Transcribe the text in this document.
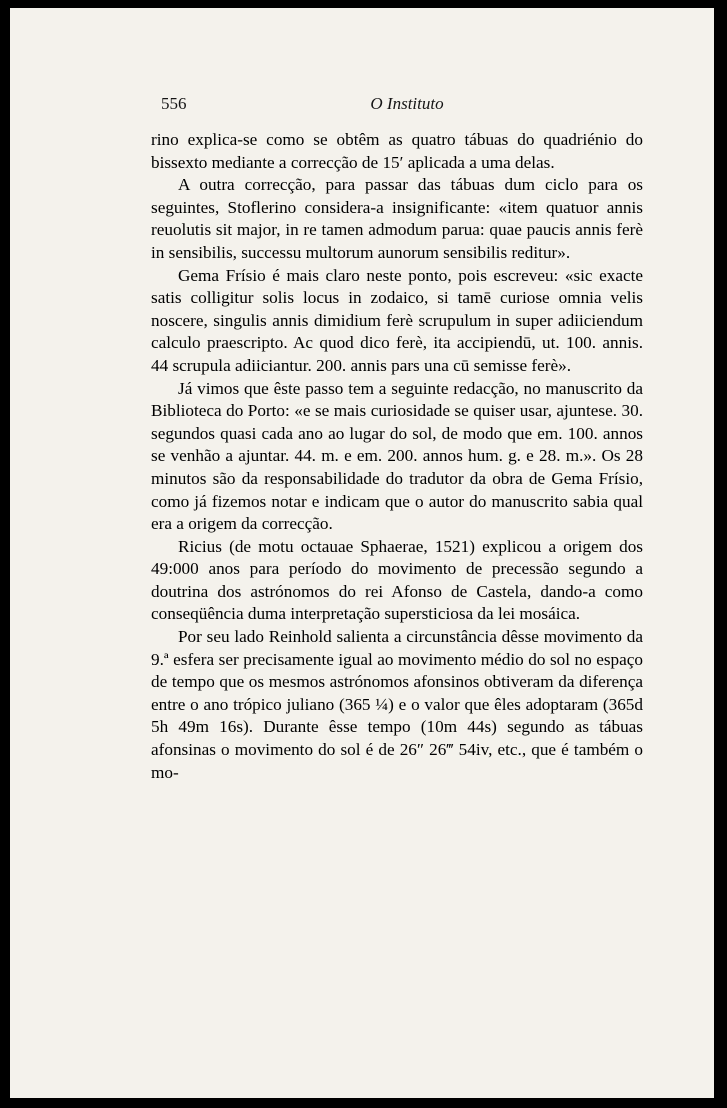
556	O Instituto

rino explica-se como se obtêm as quatro tábuas do quadriénio do bissexto mediante a correcção de 15′ aplicada a uma delas.

A outra correcção, para passar das tábuas dum ciclo para os seguintes, Stoflerino considera-a insignificante: «item quatuor annis reuolutis sit major, in re tamen admodum parua: quae paucis annis ferè in sensibilis, successu multorum aunorum sensibilis reditur».

Gema Frísio é mais claro neste ponto, pois escreveu: «sic exacte satis colligitur solis locus in zodaico, si tamē curiose omnia velis noscere, singulis annis dimidium ferè scrupulum in super adiiciendum calculo praescripto. Ac quod dico ferè, ita accipiendū, ut. 100. annis. 44 scrupula adiiciantur. 200. annis pars una cū semisse ferè».

Já vimos que êste passo tem a seguinte redacção, no manuscrito da Biblioteca do Porto: «e se mais curiosidade se quiser usar, ajuntese. 30. segundos quasi cada ano ao lugar do sol, de modo que em. 100. annos se venhão a ajuntar. 44. m. e em. 200. annos hum. g. e 28. m.». Os 28 minutos são da responsabilidade do tradutor da obra de Gema Frísio, como já fizemos notar e indicam que o autor do manuscrito sabia qual era a origem da correcção.

Ricius (de motu octauae Sphaerae, 1521) explicou a origem dos 49:000 anos para período do movimento de precessão segundo a doutrina dos astrónomos do rei Afonso de Castela, dando-a como conseqüência duma interpretação supersticiosa da lei mosáica.

Por seu lado Reinhold salienta a circunstância dêsse movimento da 9.ª esfera ser precisamente igual ao movimento médio do sol no espaço de tempo que os mesmos astrónomos afonsinos obtiveram da diferença entre o ano trópico juliano (365 ¼) e o valor que êles adoptaram (365d 5h 49m 16s). Durante êsse tempo (10m 44s) segundo as tábuas afonsinas o movimento do sol é de 26″ 26‴ 54iv, etc., que é também o mo-
